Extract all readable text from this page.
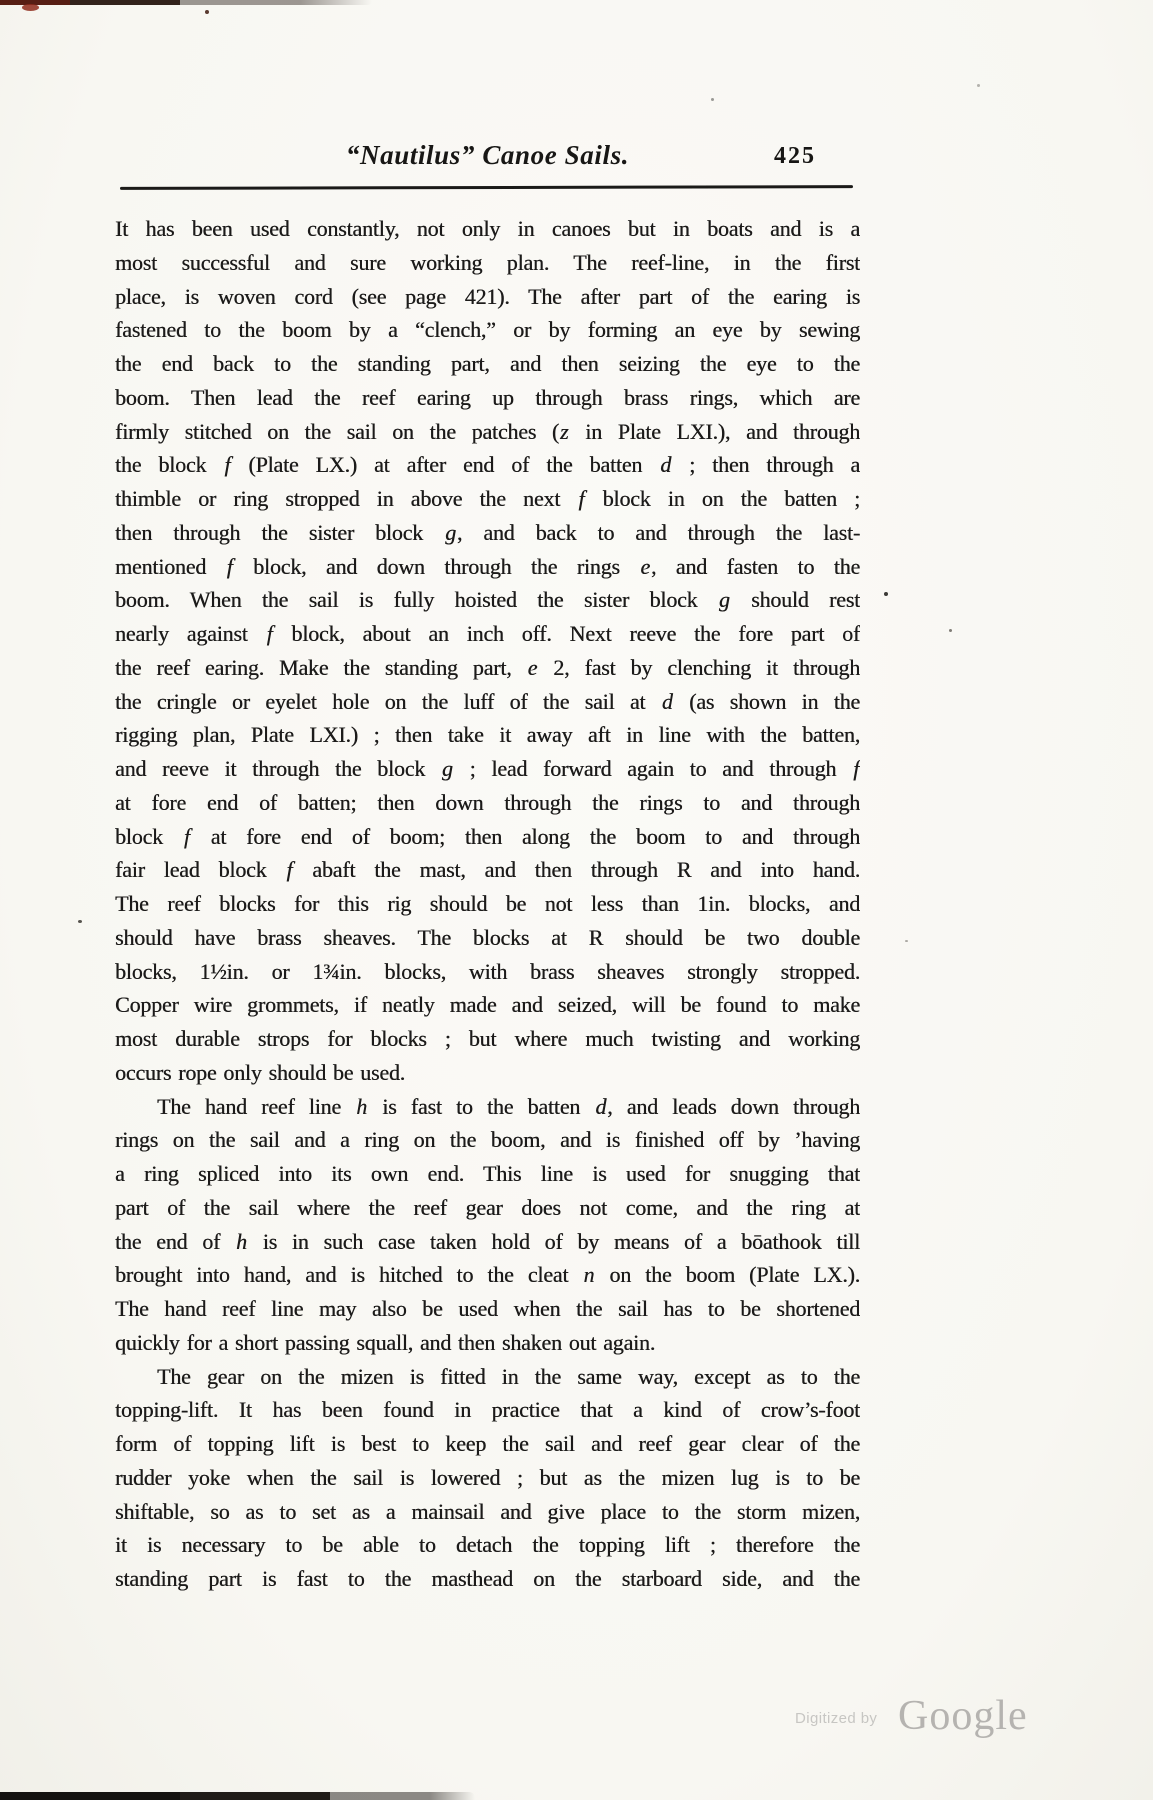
“Nautilus” Canoe Sails.	425
It has been used constantly, not only in canoes but in boats and is a
most successful and sure working plan. The reef-line, in the first
place, is woven cord (see page 421). The after part of the earing is
fastened to the boom by a “clench,” or by forming an eye by sewing
the end back to the standing part, and then seizing the eye to the
boom. Then lead the reef earing up through brass rings, which are
firmly stitched on the sail on the patches (z in Plate LXI.), and through
the block f (Plate LX.) at after end of the batten d ; then through a
thimble or ring stropped in above the next f block in on the batten ;
then through the sister block g, and back to and through the last-
mentioned f block, and down through the rings e, and fasten to the
boom. When the sail is fully hoisted the sister block g should rest
nearly against f block, about an inch off. Next reeve the fore part of
the reef earing. Make the standing part, e 2, fast by clenching it through
the cringle or eyelet hole on the luff of the sail at d (as shown in the
rigging plan, Plate LXI.) ; then take it away aft in line with the batten,
and reeve it through the block g ; lead forward again to and through f
at fore end of batten; then down through the rings to and through
block f at fore end of boom; then along the boom to and through
fair lead block f abaft the mast, and then through R and into hand.
The reef blocks for this rig should be not less than 1in. blocks, and
should have brass sheaves. The blocks at R should be two double
blocks, 1½in. or 1¾in. blocks, with brass sheaves strongly stropped.
Copper wire grommets, if neatly made and seized, will be found to make
most durable strops for blocks ; but where much twisting and working
occurs rope only should be used.
The hand reef line h is fast to the batten d, and leads down through
rings on the sail and a ring on the boom, and is finished off by ’having
a ring spliced into its own end. This line is used for snugging that
part of the sail where the reef gear does not come, and the ring at
the end of h is in such case taken hold of by means of a bōathook till
brought into hand, and is hitched to the cleat n on the boom (Plate LX.).
The hand reef line may also be used when the sail has to be shortened
quickly for a short passing squall, and then shaken out again.
The gear on the mizen is fitted in the same way, except as to the
topping-lift. It has been found in practice that a kind of crow’s-foot
form of topping lift is best to keep the sail and reef gear clear of the
rudder yoke when the sail is lowered ; but as the mizen lug is to be
shiftable, so as to set as a mainsail and give place to the storm mizen,
it is necessary to be able to detach the topping lift ; therefore the
standing part is fast to the masthead on the starboard side, and the
Digitized by Google
